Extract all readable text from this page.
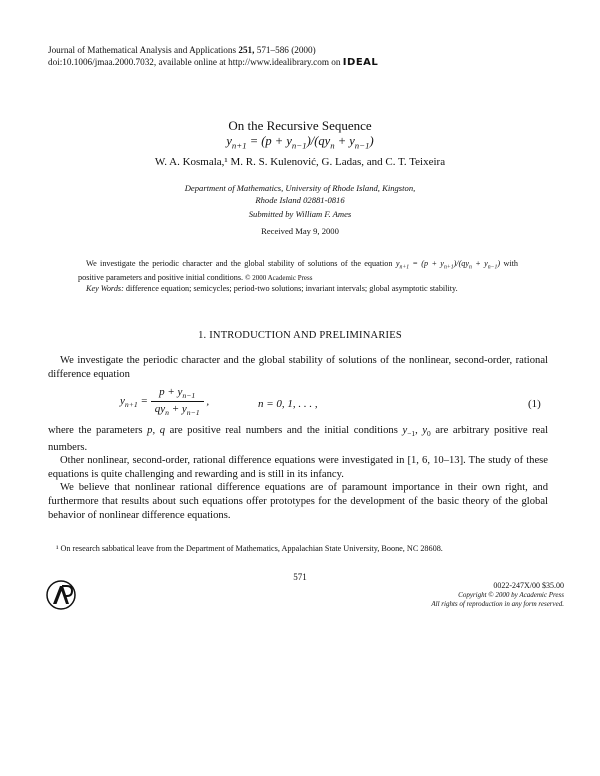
Journal of Mathematical Analysis and Applications 251, 571–586 (2000)
doi:10.1006/jmaa.2000.7032, available online at http://www.idealibrary.com on IDEAL
On the Recursive Sequence
$y_{n+1} = (p + y_{n-1})/(qy_n + y_{n-1})$
W. A. Kosmala,¹ M. R. S. Kulenović, G. Ladas, and C. T. Teixeira
Department of Mathematics, University of Rhode Island, Kingston,
Rhode Island 02881-0816
Submitted by William F. Ames
Received May 9, 2000
We investigate the periodic character and the global stability of solutions of the equation $y_{n+1} = (p + y_{n+1})/(qy_n + y_{n-1})$ with positive parameters and positive initial conditions. © 2000 Academic Press
Key Words: difference equation; semicycles; period-two solutions; invariant intervals; global asymptotic stability.
1. INTRODUCTION AND PRELIMINARIES

We investigate the periodic character and the global stability of solutions of the nonlinear, second-order, rational difference equation

$y_{n+1} = \frac{p + y_{n-1}}{qy_n + y_{n-1}}$ ,	n = 0, 1, . . . ,	(1)

where the parameters p, q are positive real numbers and the initial conditions $y_{-1}$, $y_0$ are arbitrary positive real numbers.

Other nonlinear, second-order, rational difference equations were investigated in [1, 6, 10–13]. The study of these equations is quite challenging and rewarding and is still in its infancy.

We believe that nonlinear rational difference equations are of paramount importance in their own right, and furthermore that results about such equations offer prototypes for the development of the basic theory of the global behavior of nonlinear difference equations.

¹ On research sabbatical leave from the Department of Mathematics, Appalachian State University, Boone, NC 28608.
571
0022-247X/00 $35.00
Copyright © 2000 by Academic Press
All rights of reproduction in any form reserved.
